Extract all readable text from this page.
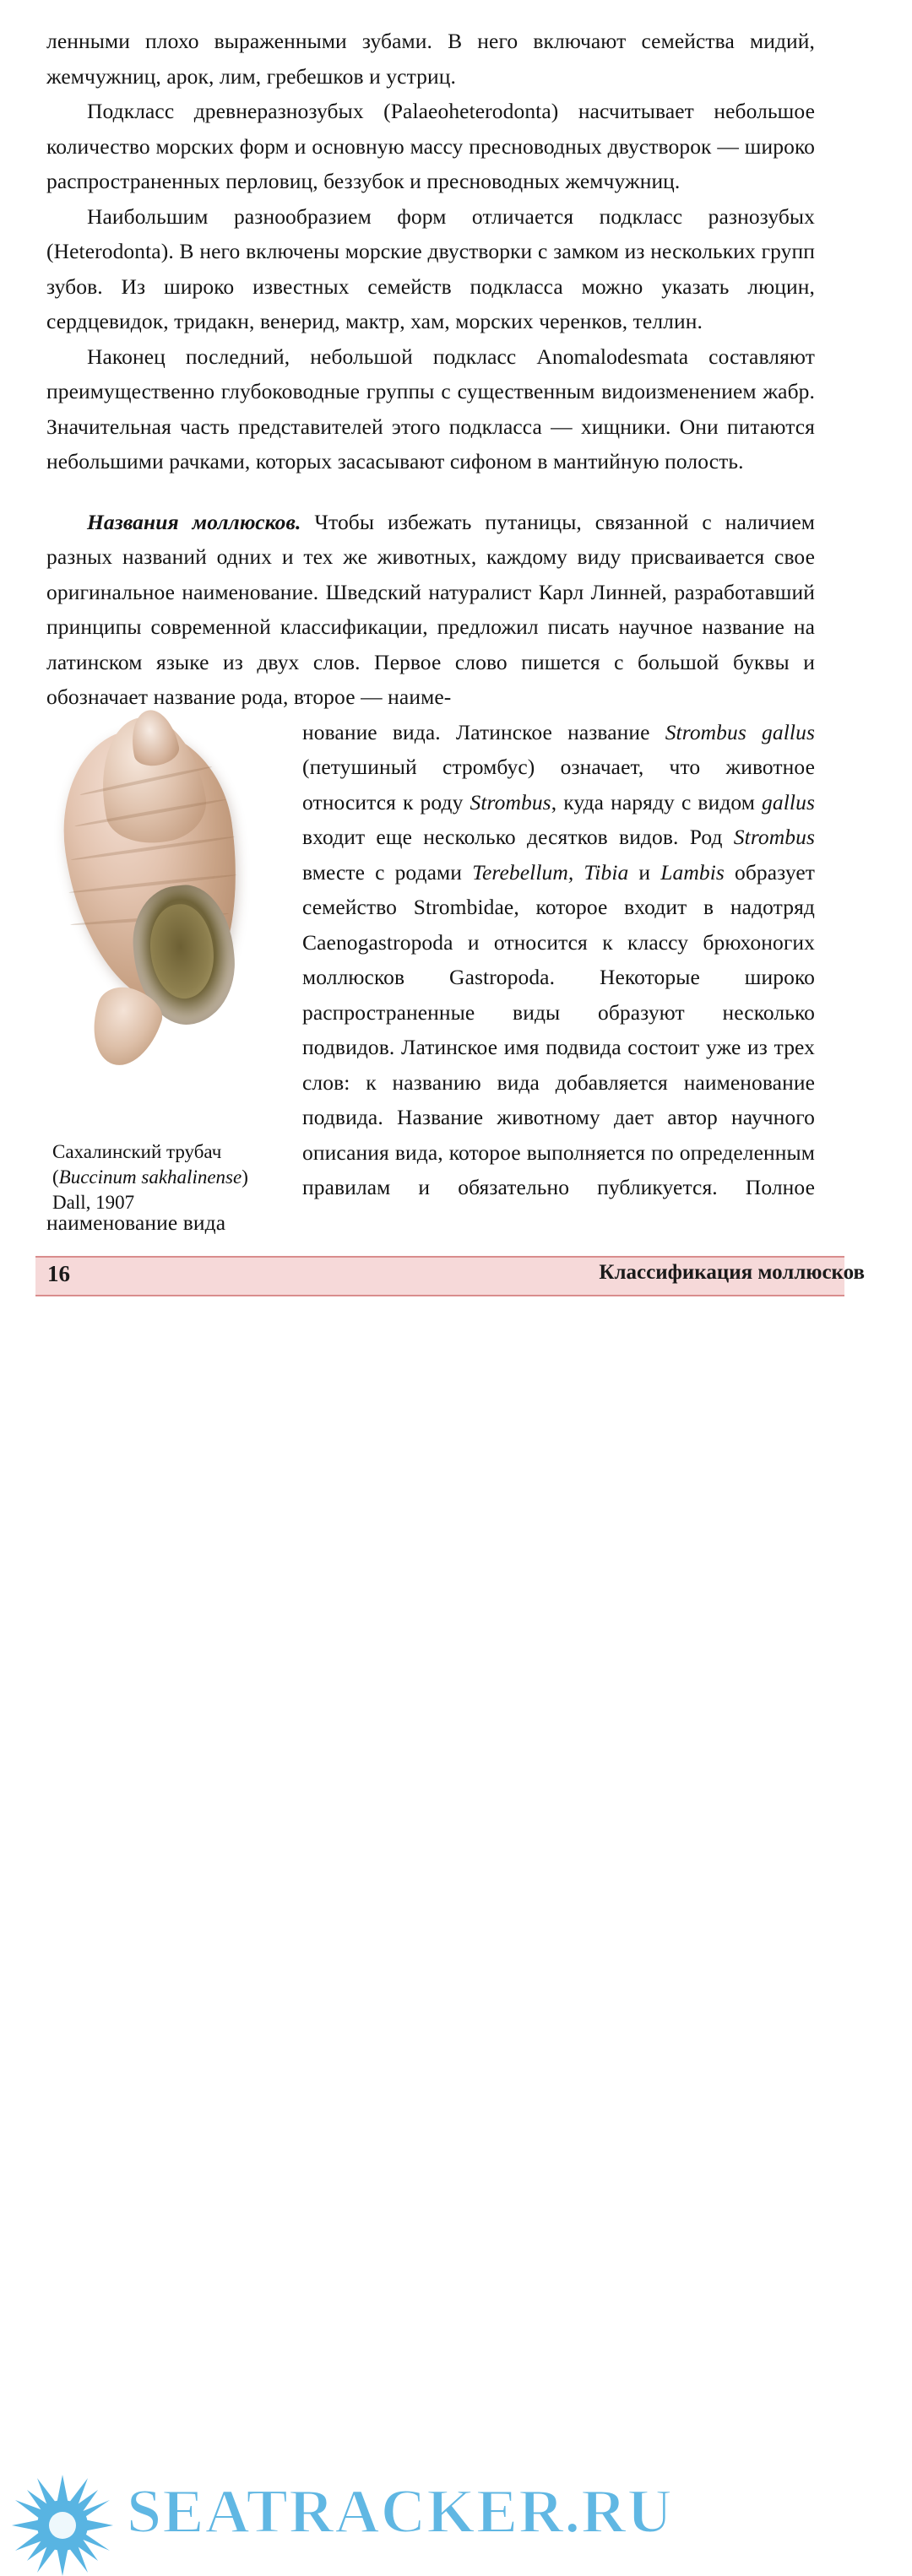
ленными плохо выраженными зубами. В него включают семейства мидий, жемчужниц, арок, лим, гребешков и устриц.

Подкласс древнеразнозубых (Palaeoheterodonta) насчитывает небольшое количество морских форм и основную массу пресноводных двустворок — широко распространенных перловиц, беззубок и пресноводных жемчужниц.

Наибольшим разнообразием форм отличается подкласс разнозубых (Heterodonta). В него включены морские двустворки с замком из нескольких групп зубов. Из широко известных семейств подкласса можно указать люцин, сердцевидок, тридакн, венерид, мактр, хам, морских черенков, теллин.

Наконец последний, небольшой подкласс Anomalodesmata составляют преимущественно глубоководные группы с существенным видоизменением жабр. Значительная часть представителей этого подкласса — хищники. Они питаются небольшими рачками, которых засасывают сифоном в мантийную полость.

Названия моллюсков. Чтобы избежать путаницы, связанной с наличием разных названий одних и тех же животных, каждому виду присваивается свое оригинальное наименование. Шведский натуралист Карл Линней, разработавший принципы современной классификации, предложил писать научное название на латинском языке из двух слов. Первое слово пишется с большой буквы и обозначает название рода, второе — наиме-

нование вида. Латинское название Strombus gallus (петушиный стромбус) означает, что животное относится к роду Strombus, куда наряду с видом gallus входит еще несколько десятков видов. Род Strombus вместе с родами Terebellum, Tibia и Lambis образует семейство Strombidae, которое входит в надотряд Caenogastropoda и относится к классу брюхоногих моллюсков Gastropoda. Некоторые широко распространенные виды образуют несколько подвидов. Латинское имя подвида состоит уже из трех слов: к названию вида добавляется наименование подвида. Название животному дает автор научного описания вида, которое выполняется по определенным правилам и обязательно публикуется. Полное наименование вида
Сахалинский трубач
(Buccinum sakhalinense)
Dall, 1907
16	Классификация моллюсков
SEATRACKER.RU
